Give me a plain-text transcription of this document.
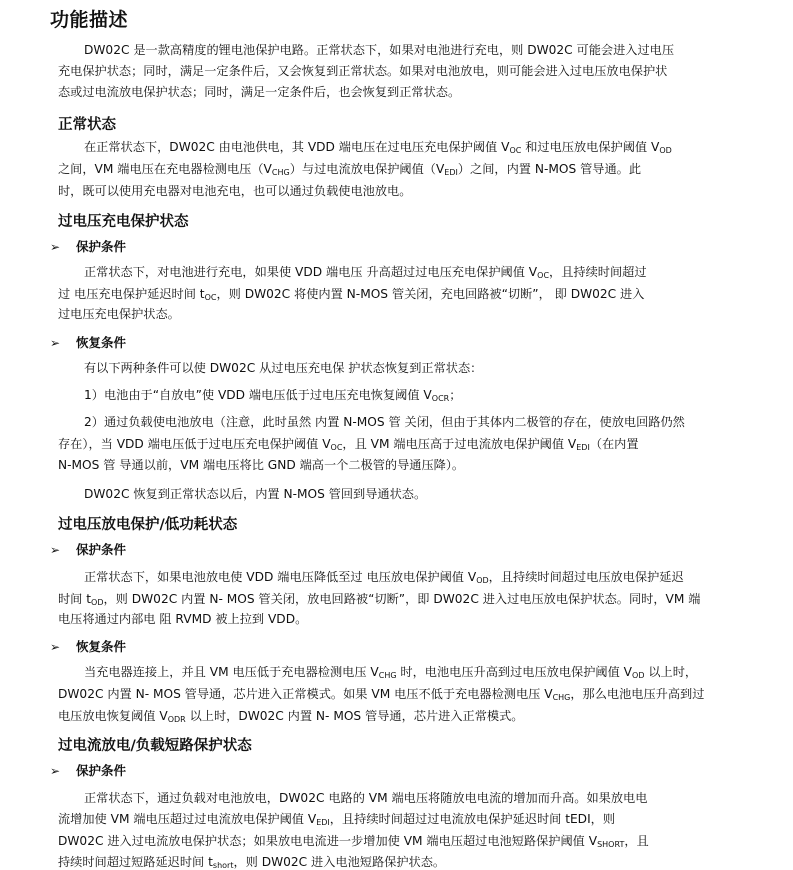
功能描述
DW02C 是一款高精度的锂电池保护电路。正常状态下，如果对电池进行充电，则 DW02C 可能会进入过电压
充电保护状态；同时，满足一定条件后，又会恢复到正常状态。如果对电池放电，则可能会进入过电压放电保护状
态或过电流放电保护状态；同时，满足一定条件后，也会恢复到正常状态。
正常状态
在正常状态下，DW02C 由电池供电，其 VDD 端电压在过电压充电保护阈值 $V_{OC}$ 和过电压放电保护阈值 $V_{OD}$
之间，VM 端电压在充电器检测电压$(V_{CHG})$与过电流放电保护阈值$(V_{EDI})$之间，内置 N-MOS 管导通。此
时，既可以使用充电器对电池充电，也可以通过负载使电池放电。
过电压充电保护状态
➢ 保护条件
正常状态下，对电池进行充电，如果使 VDD 端电压 升高超过过电压充电保护阈值 $V_{OC}$，且持续时间超过
过 电压充电保护延迟时间 $t_{OC}$，则 DW02C 将使内置 N-MOS 管关闭，充电回路被“切断”， 即 DW02C 进入
过电压充电保护状态。
➢ 恢复条件
有以下两种条件可以使 DW02C 从过电压充电保 护状态恢复到正常状态：
1）电池由于“自放电”使 VDD 端电压低于过电压充电恢复阈值 $V_{OCR}$；
2）通过负载使电池放电（注意，此时虽然 内置 N-MOS 管 关闭，但由于其体内二极管的存在，使放电回路仍然
存在），当 VDD 端电压低于过电压充电保护阈值 $V_{OC}$，且 VM 端电压高于过电流放电保护阈值 $V_{EDI}$（在内置
N-MOS 管 导通以前，VM 端电压将比 GND 端高一个二极管的导通压降）。
DW02C 恢复到正常状态以后，内置 N-MOS 管回到导通状态。
过电压放电保护/低功耗状态
➢ 保护条件
正常状态下，如果电池放电使 VDD 端电压降低至过 电压放电保护阈值 $V_{OD}$，且持续时间超过电压放电保护延迟
时间 $t_{OD}$，则 DW02C 内置 N- MOS 管关闭，放电回路被“切断”，即 DW02C 进入过电压放电保护状态。同时，VM 端
电压将通过内部电 阻 RVMD 被上拉到 VDD。
➢ 恢复条件
当充电器连接上，并且 VM 电压低于充电器检测电压 $V_{CHG}$ 时，电池电压升高到过电压放电保护阈值 $V_{OD}$ 以上时，
DW02C 内置 N- MOS 管导通，芯片进入正常模式。如果 VM 电压不低于充电器检测电压 $V_{CHG}$，那么电池电压升高到过
电压放电恢复阈值 $V_{ODR}$ 以上时，DW02C 内置 N- MOS 管导通，芯片进入正常模式。
过电流放电/负载短路保护状态
➢ 保护条件
正常状态下，通过负载对电池放电，DW02C 电路的 VM 端电压将随放电电流的增加而升高。如果放电电
流增加使 VM 端电压超过过电流放电保护阈值 $V_{EDI}$，且持续时间超过过电流放电保护延迟时间 tEDI，则
DW02C 进入过电流放电保护状态；如果放电电流进一步增加使 VM 端电压超过电池短路保护阈值 $V_{SHORT}$，且
持续时间超过短路延迟时间 $t_{short}$，则 DW02C 进入电池短路保护状态。
